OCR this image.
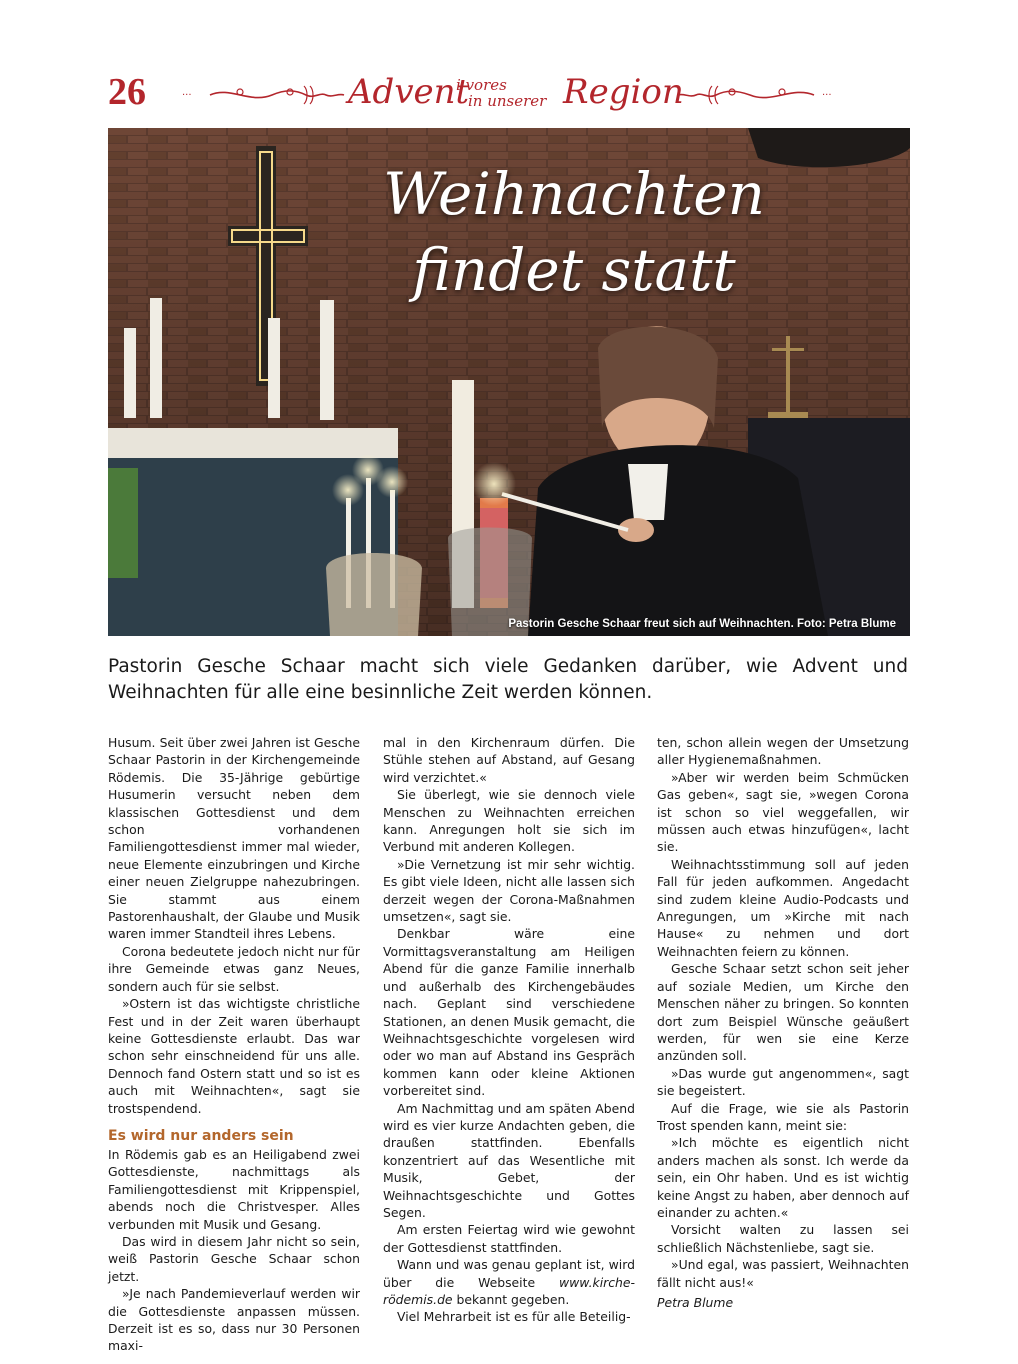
26	···	Advent
i vores
in unserer Region	···
Weihnachten
findet statt
Pastorin Gesche Schaar freut sich auf Weihnachten. Foto: Petra Blume
Pastorin Gesche Schaar macht sich viele Gedanken darüber, wie Advent und Weihnachten für alle eine besinnliche Zeit werden können.

Husum. Seit über zwei Jahren ist Gesche Schaar Pastorin in der Kirchengemeinde Rödemis. Die 35-Jährige gebürtige Husumerin versucht neben dem klassischen Gottesdienst und dem schon vorhandenen Familiengottesdienst immer mal wieder, neue Elemente einzubringen und Kirche einer neuen Zielgruppe nahezubringen. Sie stammt aus einem Pastorenhaushalt, der Glaube und Musik waren immer Standteil ihres Lebens.

Corona bedeutete jedoch nicht nur für ihre Gemeinde etwas ganz Neues, sondern auch für sie selbst.

»Ostern ist das wichtigste christliche Fest und in der Zeit waren überhaupt keine Gottesdienste erlaubt. Das war schon sehr einschneidend für uns alle. Dennoch fand Ostern statt und so ist es auch mit Weihnachten«, sagt sie trostspendend.

Es wird nur anders sein

In Rödemis gab es an Heiligabend zwei Gottesdienste, nachmittags als Familiengottesdienst mit Krippenspiel, abends noch die Christvesper. Alles verbunden mit Musik und Gesang.

Das wird in diesem Jahr nicht so sein, weiß Pastorin Gesche Schaar schon jetzt.

»Je nach Pandemieverlauf werden wir die Gottesdienste anpassen müssen. Derzeit ist es so, dass nur 30 Personen maxi-

mal in den Kirchenraum dürfen. Die Stühle stehen auf Abstand, auf Gesang wird verzichtet.«

Sie überlegt, wie sie dennoch viele Menschen zu Weihnachten erreichen kann. Anregungen holt sie sich im Verbund mit anderen Kollegen.

»Die Vernetzung ist mir sehr wichtig. Es gibt viele Ideen, nicht alle lassen sich derzeit wegen der Corona-Maßnahmen umsetzen«, sagt sie.

Denkbar wäre eine Vormittagsveranstaltung am Heiligen Abend für die ganze Familie innerhalb und außerhalb des Kirchengebäudes nach. Geplant sind verschiedene Stationen, an denen Musik gemacht, die Weihnachtsgeschichte vorgelesen wird oder wo man auf Abstand ins Gespräch kommen kann oder kleine Aktionen vorbereitet sind.

Am Nachmittag und am späten Abend wird es vier kurze Andachten geben, die draußen stattfinden. Ebenfalls konzentriert auf das Wesentliche mit Musik, Gebet, der Weihnachtsgeschichte und Gottes Segen.

Am ersten Feiertag wird wie gewohnt der Gottesdienst stattfinden.

Wann und was genau geplant ist, wird über die Webseite www.kirche-rödemis.de bekannt gegeben.

Viel Mehrarbeit ist es für alle Beteilig-

ten, schon allein wegen der Umsetzung aller Hygienemaßnahmen.

»Aber wir werden beim Schmücken Gas geben«, sagt sie, »wegen Corona ist schon so viel weggefallen, wir müssen auch etwas hinzufügen«, lacht sie.

Weihnachtsstimmung soll auf jeden Fall für jeden aufkommen. Angedacht sind zudem kleine Audio-Podcasts und Anregungen, um »Kirche mit nach Hause« zu nehmen und dort Weihnachten feiern zu können.

Gesche Schaar setzt schon seit jeher auf soziale Medien, um Kirche den Menschen näher zu bringen. So konnten dort zum Beispiel Wünsche geäußert werden, für wen sie eine Kerze anzünden soll.

»Das wurde gut angenommen«, sagt sie begeistert.

Auf die Frage, wie sie als Pastorin Trost spenden kann, meint sie:

»Ich möchte es eigentlich nicht anders machen als sonst. Ich werde da sein, ein Ohr haben. Und es ist wichtig keine Angst zu haben, aber dennoch auf einander zu achten.«

Vorsicht walten zu lassen sei schließlich Nächstenliebe, sagt sie.

»Und egal, was passiert, Weihnachten fällt nicht aus!«

Petra Blume
